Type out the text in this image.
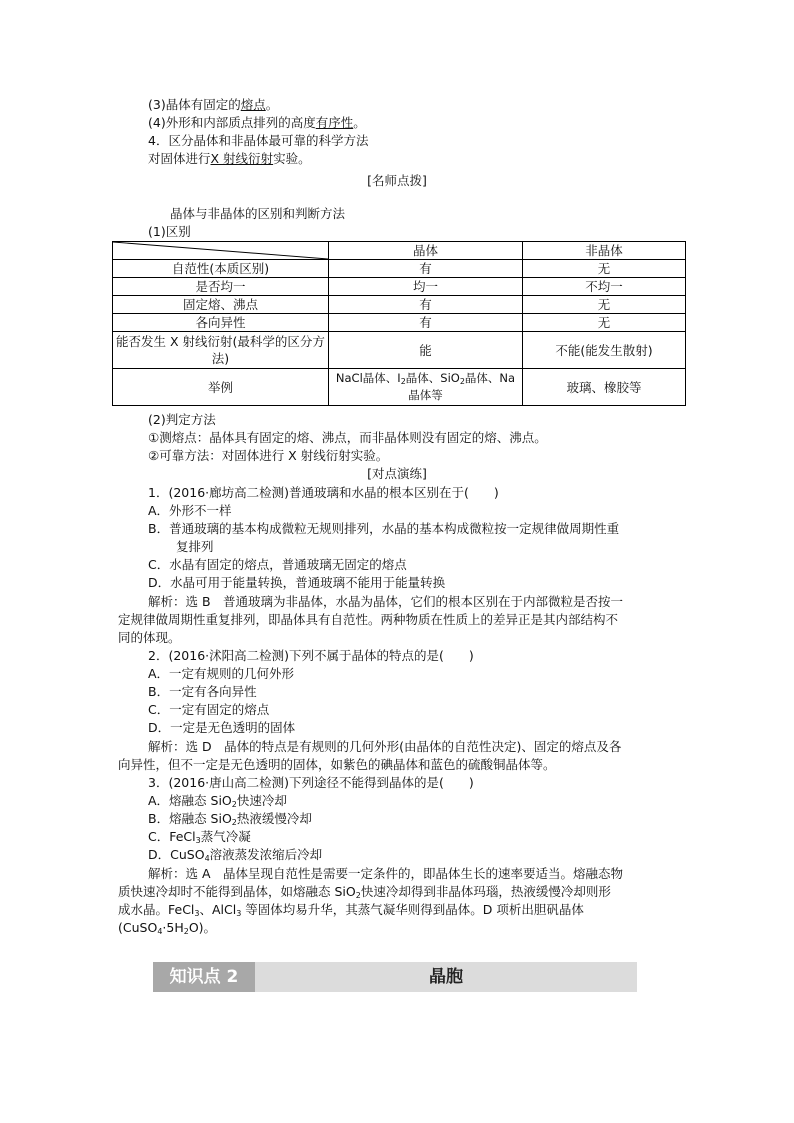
(3)晶体有固定的熔点。
(4)外形和内部质点排列的高度有序性。
4．区分晶体和非晶体最可靠的科学方法
对固体进行X 射线衍射实验。
[名师点拨]
晶体与非晶体的区别和判断方法
(1)区别
	晶体	非晶体
自范性(本质区别)	有	无
是否均一	均一	不均一
固定熔、沸点	有	无
各向异性	有	无
能否发生 X 射线衍射(最科学的区分方法)	能	不能(能发生散射)
举例	NaCl晶体、$I_2$晶体、SiO$_2$晶体、Na晶体等	玻璃、橡胶等
(2)判定方法
①测熔点：晶体具有固定的熔、沸点，而非晶体则没有固定的熔、沸点。
②可靠方法：对固体进行 X 射线衍射实验。
[对点演练]
1．(2016·廊坊高二检测)普通玻璃和水晶的根本区别在于(　　)
A．外形不一样
B．普通玻璃的基本构成微粒无规则排列，水晶的基本构成微粒按一定规律做周期性重
复排列
C．水晶有固定的熔点，普通玻璃无固定的熔点
D．水晶可用于能量转换，普通玻璃不能用于能量转换
解析：选 B　普通玻璃为非晶体，水晶为晶体，它们的根本区别在于内部微粒是否按一
定规律做周期性重复排列，即晶体具有自范性。两种物质在性质上的差异正是其内部结构不
同的体现。
2．(2016·沭阳高二检测)下列不属于晶体的特点的是(　　)
A．一定有规则的几何外形
B．一定有各向异性
C．一定有固定的熔点
D．一定是无色透明的固体
解析：选 D　晶体的特点是有规则的几何外形(由晶体的自范性决定)、固定的熔点及各
向异性，但不一定是无色透明的固体，如紫色的碘晶体和蓝色的硫酸铜晶体等。
3．(2016·唐山高二检测)下列途径不能得到晶体的是(　　)
A．熔融态 SiO$_2$快速冷却
B．熔融态 SiO$_2$热液缓慢冷却
C．FeCl$_3$蒸气冷凝
D．CuSO$_4$溶液蒸发浓缩后冷却
解析：选 A　晶体呈现自范性是需要一定条件的，即晶体生长的速率要适当。熔融态物
质快速冷却时不能得到晶体，如熔融态 SiO$_2$快速冷却得到非晶体玛瑙，热液缓慢冷却则形
成水晶。FeCl$_3$、AlCl$_3$ 等固体均易升华，其蒸气凝华则得到晶体。D 项析出胆矾晶体
$(CuSO_4\cdot 5H_2O)$。
知识点 2	晶胞
